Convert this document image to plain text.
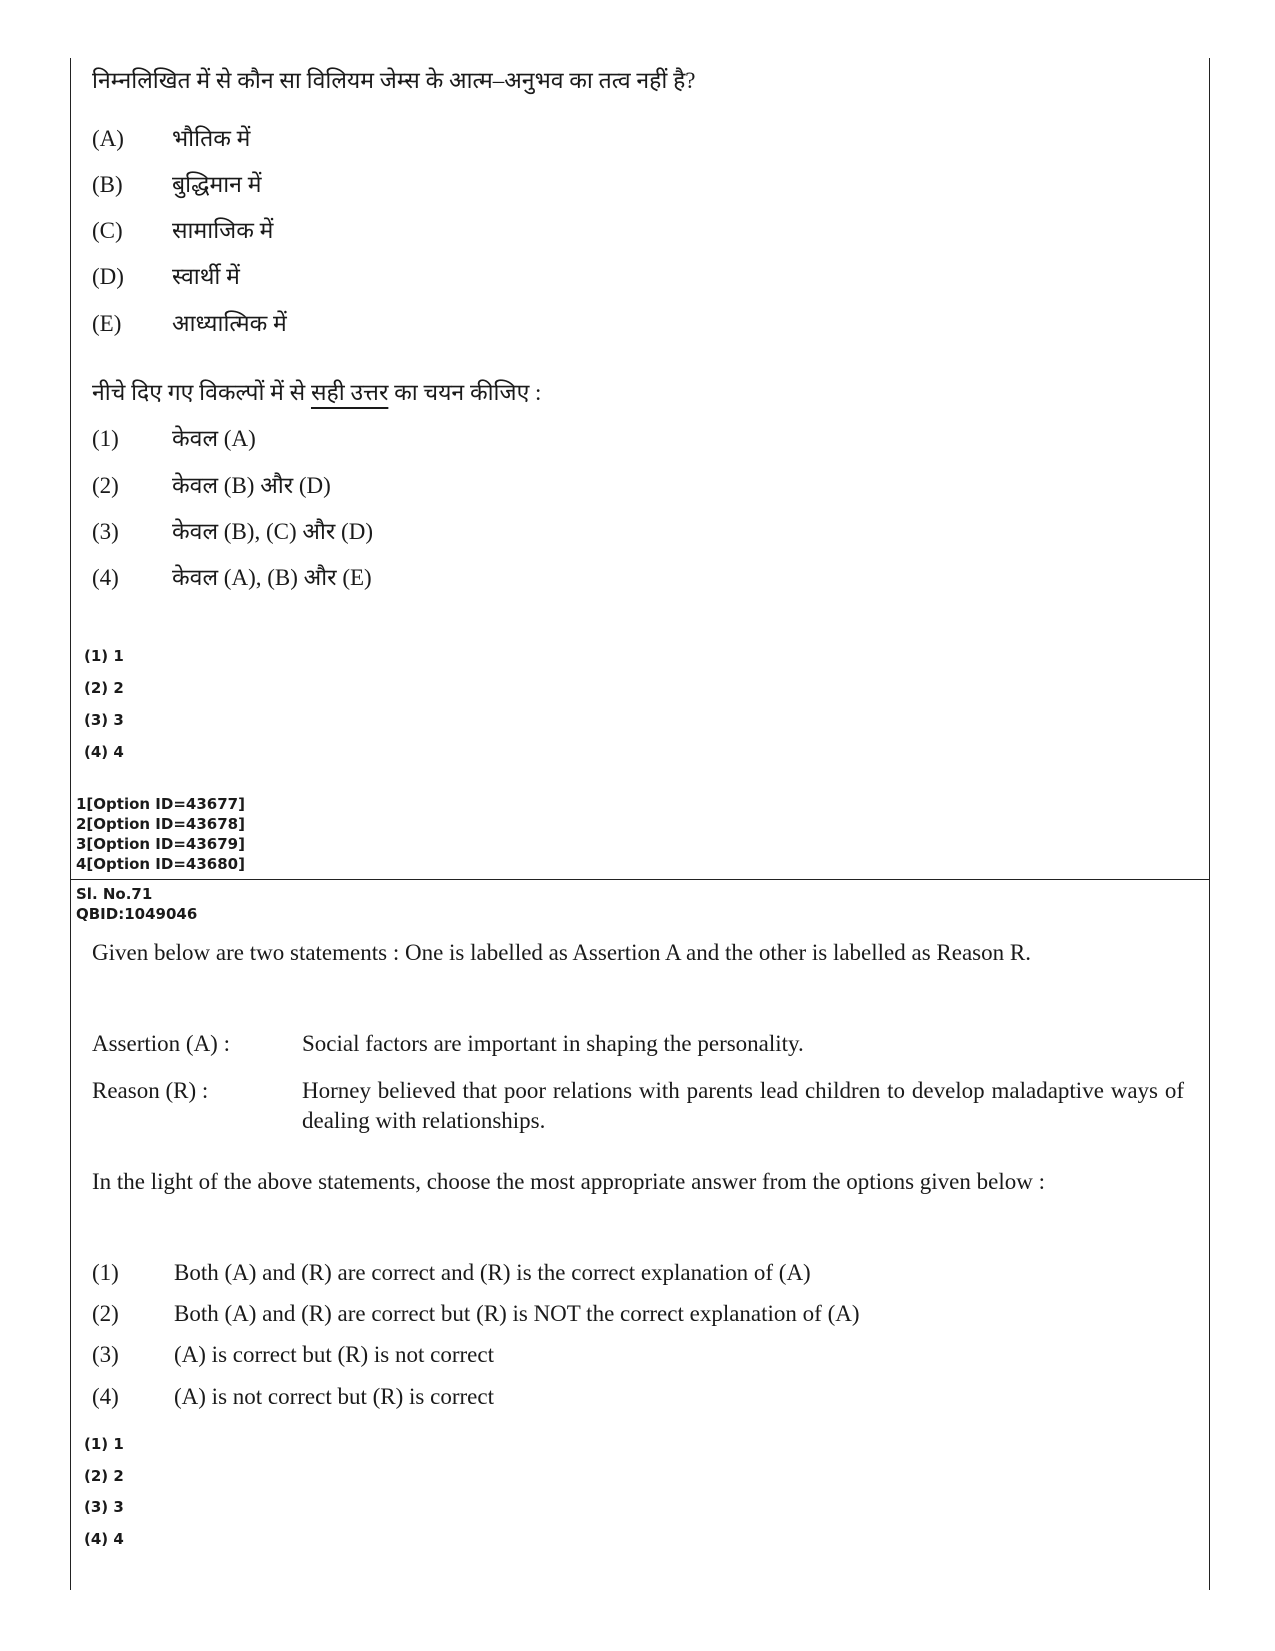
निम्नलिखित में से कौन सा विलियम जेम्स के आत्म–अनुभव का तत्व नहीं है?

(A) भौतिक में
(B) बुद्धिमान में
(C) सामाजिक में
(D) स्वार्थी में
(E) आध्यात्मिक में
नीचे दिए गए विकल्पों में से सही उत्तर का चयन कीजिए :
(1) केवल (A)
(2) केवल (B) और (D)
(3) केवल (B), (C) और (D)
(4) केवल (A), (B) और (E)
(1) 1
(2) 2
(3) 3
(4) 4
1[Option ID=43677]
2[Option ID=43678]
3[Option ID=43679]
4[Option ID=43680]
Sl. No.71
QBID:1049046
Given below are two statements : One is labelled as Assertion A and the other is labelled as Reason R.
Assertion (A) :	Social factors are important in shaping the personality.
Reason (R) :	Horney believed that poor relations with parents lead children to develop maladaptive ways of dealing with relationships.
In the light of the above statements, choose the most appropriate answer from the options given below :
(1) Both (A) and (R) are correct and (R) is the correct explanation of (A)
(2) Both (A) and (R) are correct but (R) is NOT the correct explanation of (A)
(3) (A) is correct but (R) is not correct
(4) (A) is not correct but (R) is correct
(1) 1
(2) 2
(3) 3
(4) 4
